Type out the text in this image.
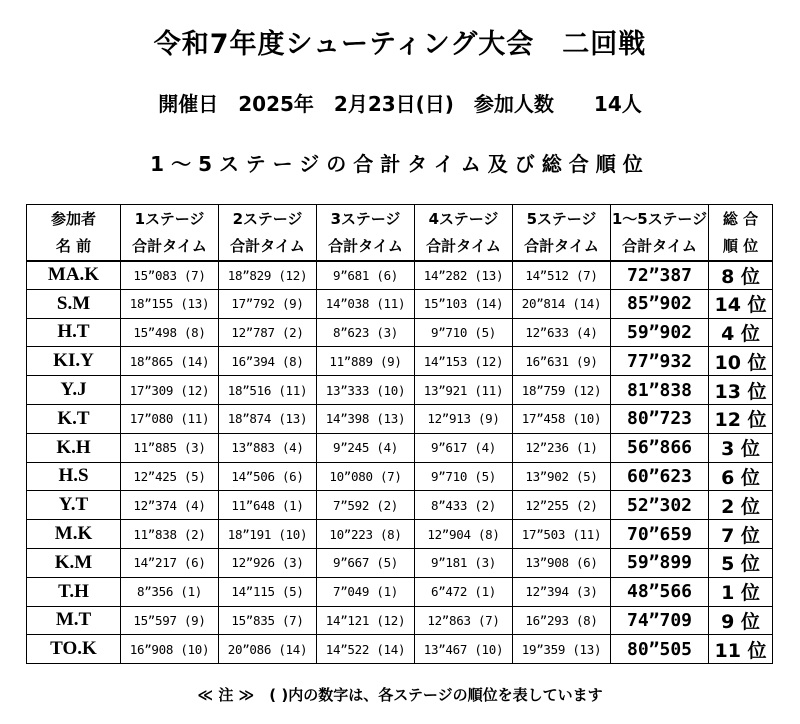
令和7年度シューティング大会　二回戦
開催日　2025年　2月23日(日)　参加人数　　14人
1～5ステージの合計タイム及び総合順位
参加者	1ステージ	2ステージ	3ステージ	4ステージ	5ステージ	1～5ステージ	総 合
名 前	合計タイム	合計タイム	合計タイム	合計タイム	合計タイム	合計タイム	順 位
MA.K	15”083 (7)	18”829 (12)	9”681 (6)	14”282 (13)	14”512 (7)	72”387	8 位
S.M	18”155 (13)	17”792 (9)	14”038 (11)	15”103 (14)	20”814 (14)	85”902	14 位
H.T	15”498 (8)	12”787 (2)	8”623 (3)	9”710 (5)	12”633 (4)	59”902	4 位
KI.Y	18”865 (14)	16”394 (8)	11”889 (9)	14”153 (12)	16”631 (9)	77”932	10 位
Y.J	17”309 (12)	18”516 (11)	13”333 (10)	13”921 (11)	18”759 (12)	81”838	13 位
K.T	17”080 (11)	18”874 (13)	14”398 (13)	12”913 (9)	17”458 (10)	80”723	12 位
K.H	11”885 (3)	13”883 (4)	9”245 (4)	9”617 (4)	12”236 (1)	56”866	3 位
H.S	12”425 (5)	14”506 (6)	10”080 (7)	9”710 (5)	13”902 (5)	60”623	6 位
Y.T	12”374 (4)	11”648 (1)	7”592 (2)	8”433 (2)	12”255 (2)	52”302	2 位
M.K	11”838 (2)	18”191 (10)	10”223 (8)	12”904 (8)	17”503 (11)	70”659	7 位
K.M	14”217 (6)	12”926 (3)	9”667 (5)	9”181 (3)	13”908 (6)	59”899	5 位
T.H	8”356 (1)	14”115 (5)	7”049 (1)	6”472 (1)	12”394 (3)	48”566	1 位
M.T	15”597 (9)	15”835 (7)	14”121 (12)	12”863 (7)	16”293 (8)	74”709	9 位
TO.K	16”908 (10)	20”086 (14)	14”522 (14)	13”467 (10)	19”359 (13)	80”505	11 位
≪ 注 ≫　( )内の数字は、各ステージの順位を表しています
